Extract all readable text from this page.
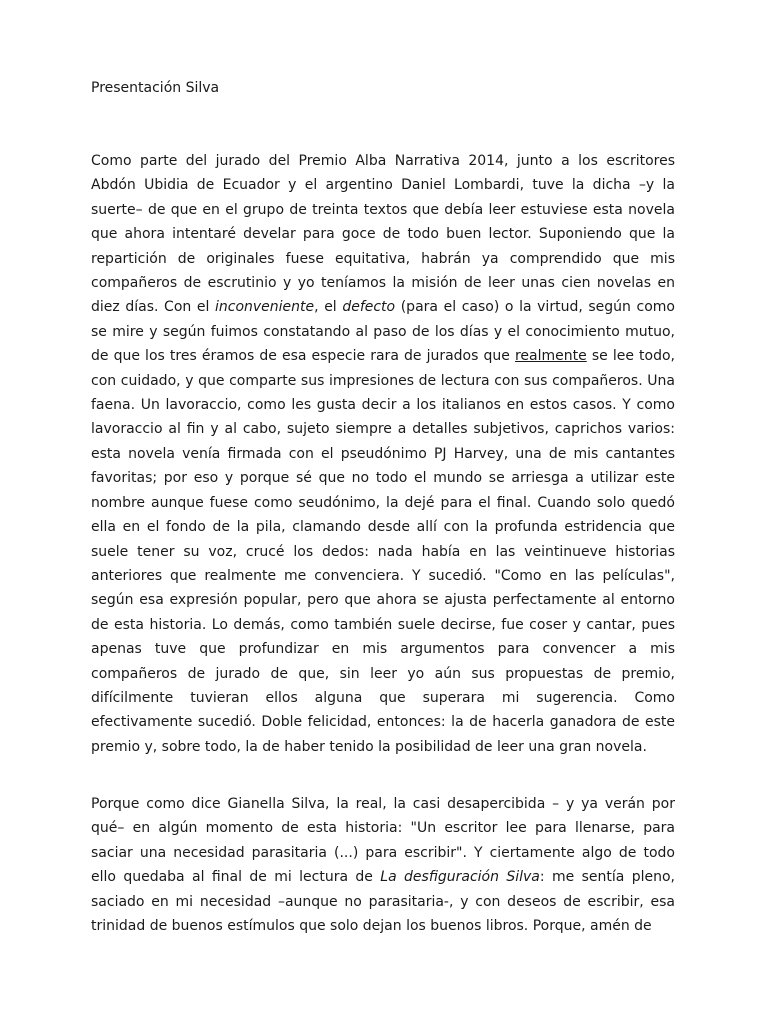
Presentación Silva

Como parte del jurado del Premio Alba Narrativa 2014, junto a los escritores Abdón Ubidia de Ecuador y el argentino Daniel Lombardi, tuve la dicha –y la suerte– de que en el grupo de treinta textos que debía leer estuviese esta novela que ahora intentaré develar para goce de todo buen lector. Suponiendo que la repartición de originales fuese equitativa, habrán ya comprendido que mis compañeros de escrutinio y yo teníamos la misión de leer unas cien novelas en diez días. Con el inconveniente, el defecto (para el caso) o la virtud, según como se mire y según fuimos constatando al paso de los días y el conocimiento mutuo, de que los tres éramos de esa especie rara de jurados que realmente se lee todo, con cuidado, y que comparte sus impresiones de lectura con sus compañeros. Una faena. Un lavoraccio, como les gusta decir a los italianos en estos casos. Y como lavoraccio al fin y al cabo, sujeto siempre a detalles subjetivos, caprichos varios: esta novela venía firmada con el pseudónimo PJ Harvey, una de mis cantantes favoritas; por eso y porque sé que no todo el mundo se arriesga a utilizar este nombre aunque fuese como seudónimo, la dejé para el final. Cuando solo quedó ella en el fondo de la pila, clamando desde allí con la profunda estridencia que suele tener su voz, crucé los dedos: nada había en las veintinueve historias anteriores que realmente me convenciera. Y sucedió. "Como en las películas", según esa expresión popular, pero que ahora se ajusta perfectamente al entorno de esta historia. Lo demás, como también suele decirse, fue coser y cantar, pues apenas tuve que profundizar en mis argumentos para convencer a mis compañeros de jurado de que, sin leer yo aún sus propuestas de premio, difícilmente tuvieran ellos alguna que superara mi sugerencia. Como efectivamente sucedió. Doble felicidad, entonces: la de hacerla ganadora de este premio y, sobre todo, la de haber tenido la posibilidad de leer una gran novela.

Porque como dice Gianella Silva, la real, la casi desapercibida – y ya verán por qué– en algún momento de esta historia: "Un escritor lee para llenarse, para saciar una necesidad parasitaria (...) para escribir". Y ciertamente algo de todo ello quedaba al final de mi lectura de La desfiguración Silva: me sentía pleno, saciado en mi necesidad –aunque no parasitaria-, y con deseos de escribir, esa trinidad de buenos estímulos que solo dejan los buenos libros. Porque, amén de
